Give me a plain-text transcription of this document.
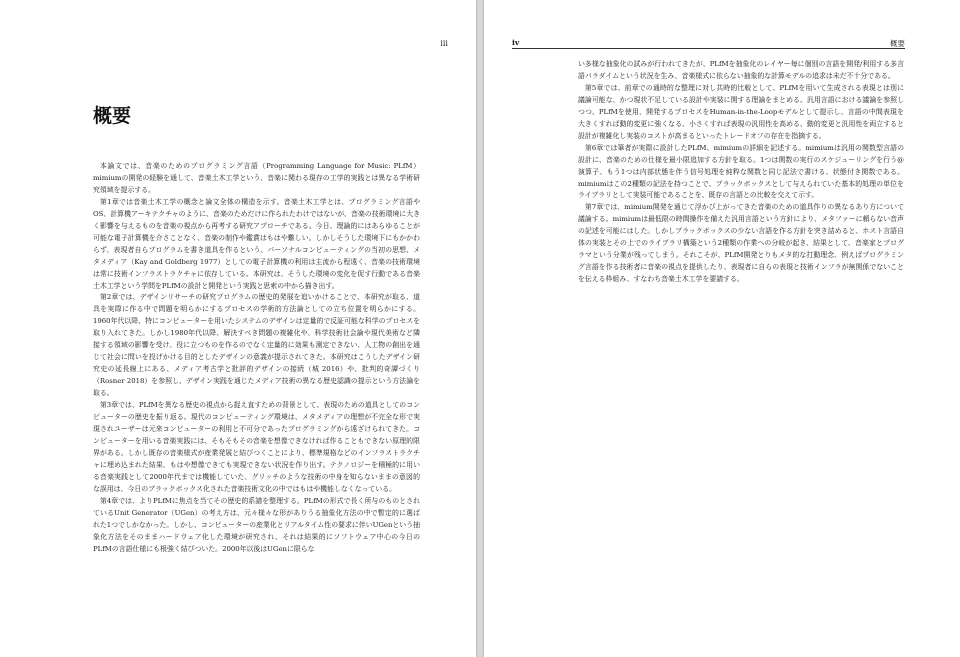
iii
概要

本論文では、音楽のためのプログラミング言語（Programming Language for Music: PLfM）mimiumの開発の経験を通して、音楽土木工学という、音楽に関わる現存の工学的実践とは異なる学術研究領域を提示する。

第1章では音楽土木工学の概念と論文全体の構造を示す。音楽土木工学とは、プログラミング言語やOS、計算機アーキテクチャのように、音楽のためだけに作られたわけではないが、音楽の技術環境に大きく影響を与えるものを音楽の視点から再考する研究アプローチである。今日、理論的にはあらゆることが可能な電子計算機を介さことなく、音楽の制作や鑑賞はもはや難しい。しかしそうした環境下にもかかわらず、表現者自らプログラムを書き道具を作るという、パーソナルコンピューティングの当初の思想、メタメディア（Kay and Goldberg 1977）としての電子計算機の利用は主流から程遠く、音楽の技術環境は常に技術インフラストラクチャに依存している。本研究は、そうした環境の変化を促す行動である音楽土木工学という学問をPLfMの設計と開発という実践と思索の中から描き出す。

第2章では、デザインリサーチの研究プログラムの歴史的発展を追いかけることで、本研究が取る、道具を実際に作る中で問題を明らかにするプロセスの学術的方法論としての立ち位置を明らかにする。1960年代以降、特にコンピューターを用いたシステムのデザインは定量的で反証可能な科学のプロセスを取り入れてきた。しかし1980年代以降、解決すべき問題の複雑化や、科学技術社会論や現代美術など隣接する領域の影響を受け、役に立つものを作るのでなく定量的に効果も測定できない、人工物の創出を通じて社会に問いを投げかける目的としたデザインの意義が提示されてきた。本研究はこうしたデザイン研究史の延長線上にある、メディア考古学と批評的デザインの接続（城 2016）や、批判的奇譚づくり（Rosner 2018）を参照し、デザイン実践を通じたメディア技術の異なる歴史認識の提示という方法論を取る。

第3章では、PLfMを異なる歴史の視点から捉え直すための背景として、表現のための道具としてのコンピューターの歴史を振り返る。現代のコンピューティング環境は、メタメディアの理想が不完全な形で実現されユーザーは元来コンピューターの利用と不可分であったプログラミングから遠ざけられてきた。コンピューターを用いる音楽実践には、そもそもその音楽を想像できなければ作ることもできない原理的限界がある。しかし既存の音楽様式が産業発展と結びつくことにより、標準規格などのインフラストラクチャに埋め込まれた結果、もはや想像できても実現できない状況を作り出す。テクノロジーを積極的に用いる音楽実践として2000年代までは機能していた、グリッチのような技術の中身を知らないままの意図的な誤用は、今日のブラックボックス化された音楽技術文化の中ではもはや機能しなくなっている。

第4章では、よりPLfMに焦点を当てその歴史的系譜を整理する。PLfMの形式で長く所与のものとされているUnit Generator（UGen）の考え方は、元々様々な形がありうる抽象化方法の中で暫定的に選ばれた1つでしかなかった。しかし、コンピューターの産業化とリアルタイム性の要求に伴いUGenという抽象化方法をそのままハードウェア化した環境が研究され、それは結果的にソフトウェア中心の今日のPLfMの言語仕様にも根強く結びついた。2000年以後はUGenに限らな

iv	概要

い多様な抽象化の試みが行われてきたが、PLfMを抽象化のレイヤー毎に個別の言語を開発/利用する多言語パラダイムという状況を生み、音楽様式に依らない抽象的な計算モデルの追求は未だ不十分である。

第5章では、前章での通時的な整理に対し共時的比較として、PLfMを用いて生成される表現とは別に議論可能な、かつ現状不足している設計や実装に関する理論をまとめる。汎用言語における議論を参照しつつ、PLfMを使用、開発するプロセスをHuman-in-the-Loopモデルとして提示し、言語の中間表現を大きくすれば動的変更に強くなる、小さくすれば表現の汎用性を高める、動的変更と汎用性を両立すると設計が複雑化し実装のコストが高まるといったトレードオフの存在を指摘する。

第6章では筆者が実際に設計したPLfM、mimiumの詳細を記述する。mimiumは汎用の関数型言語の設計に、音楽のための仕様を最小限追加する方針を取る。1つは関数の実行のスケジューリングを行う@演算子、もう1つは内部状態を伴う信号処理を純粋な関数と同じ記法で書ける、状態付き関数である。mimiumはこの2種類の記法を持つことで、ブラックボックスとして与えられていた基本的処理の単位をライブラリとして実装可能であることを、既存の言語との比較を交えて示す。

第7章では、mimium開発を通じて浮かび上がってきた音楽のための道具作りの異なるあり方について議論する。mimiumは最低限の時間操作を備えた汎用言語という方針により、メタファーに頼らない音声の記述を可能にはした。しかしブラックボックスの少ない言語を作る方針を突き詰めると、ホスト言語自体の実装とその上でのライブラリ構築という2種類の作業への分岐が起き、結果として、音楽家とプログラマという分業が残ってしまう。それこそが、PLfM開発とりもメタ的な打動理念、例えばプログラミング言語を作る技術者に音楽の視点を提供したり、表現者に自らの表現と技術インフラが無関係でないことを伝える枠組み、すなわち音楽土木工学を要請する。
